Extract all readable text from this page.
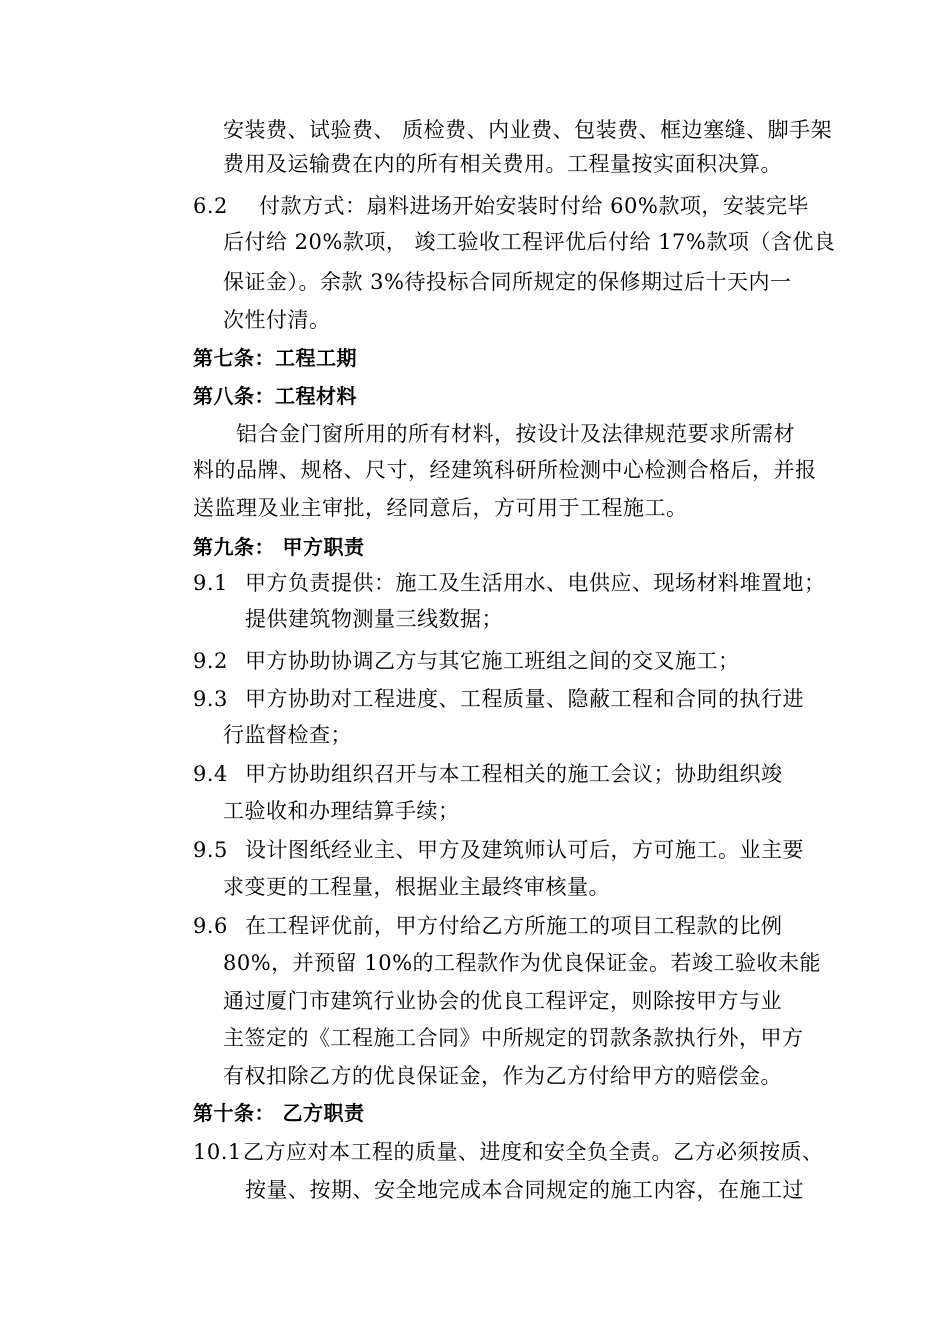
安装费、试验费、 质检费、内业费、包装费、框边塞缝、脚手架
费用及运输费在内的所有相关费用。工程量按实面积决算。
6.2 付款方式：扇料进场开始安装时付给 60%款项，安装完毕
后付给 20%款项， 竣工验收工程评优后付给 17%款项（含优良
保证金）。余款 3%待投标合同所规定的保修期过后十天内一
次性付清。
第七条：工程工期
第八条：工程材料
铝合金门窗所用的所有材料，按设计及法律规范要求所需材
料的品牌、规格、尺寸，经建筑科研所检测中心检测合格后，并报
送监理及业主审批，经同意后，方可用于工程施工。
第九条： 甲方职责
9.1 甲方负责提供：施工及生活用水、电供应、现场材料堆置地；
提供建筑物测量三线数据；
9.2 甲方协助协调乙方与其它施工班组之间的交叉施工；
9.3 甲方协助对工程进度、工程质量、隐蔽工程和合同的执行进
行监督检查；
9.4 甲方协助组织召开与本工程相关的施工会议；协助组织竣
工验收和办理结算手续；
9.5 设计图纸经业主、甲方及建筑师认可后，方可施工。业主要
求变更的工程量，根据业主最终审核量。
9.6 在工程评优前，甲方付给乙方所施工的项目工程款的比例
80%，并预留 10%的工程款作为优良保证金。若竣工验收未能
通过厦门市建筑行业协会的优良工程评定，则除按甲方与业
主签定的《工程施工合同》中所规定的罚款条款执行外，甲方
有权扣除乙方的优良保证金，作为乙方付给甲方的赔偿金。
第十条： 乙方职责
10.1乙方应对本工程的质量、进度和安全负全责。乙方必须按质、
按量、按期、安全地完成本合同规定的施工内容，在施工过
